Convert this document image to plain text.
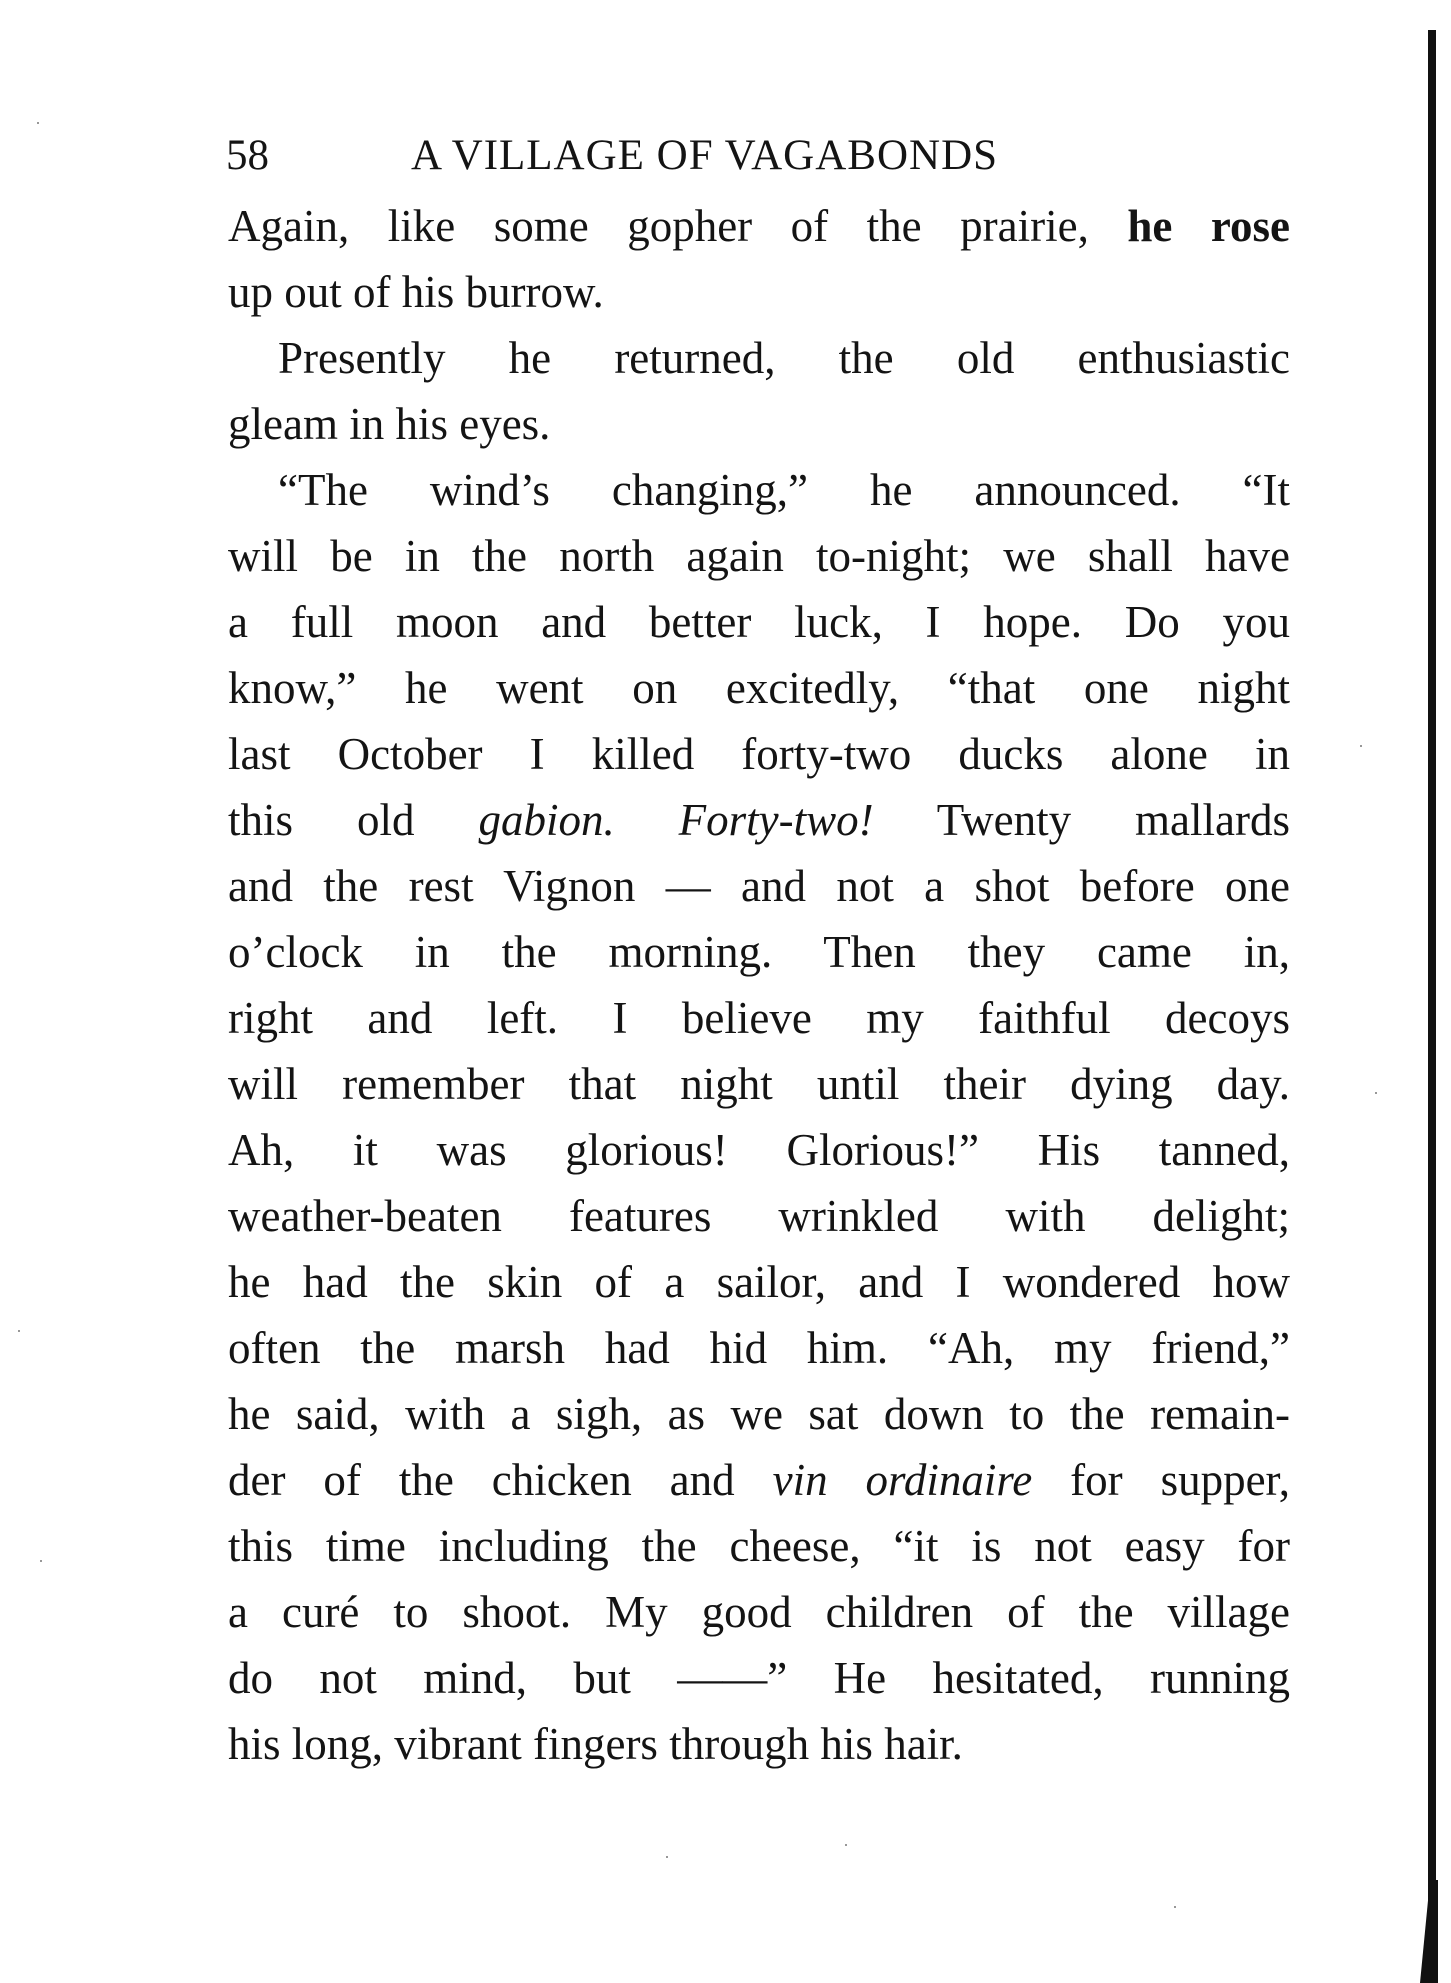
58	A VILLAGE OF VAGABONDS
Again, like some gopher of the prairie, he rose
up out of his burrow.
Presently he returned, the old enthusiastic
gleam in his eyes.
“The wind’s changing,” he announced. “It
will be in the north again to-night; we shall have
a full moon and better luck, I hope. Do you
know,” he went on excitedly, “that one night
last October I killed forty-two ducks alone in
this old gabion. Forty-two! Twenty mallards
and the rest Vignon — and not a shot before one
o’clock in the morning. Then they came in,
right and left. I believe my faithful decoys
will remember that night until their dying day.
Ah, it was glorious! Glorious!” His tanned,
weather-beaten features wrinkled with delight;
he had the skin of a sailor, and I wondered how
often the marsh had hid him. “Ah, my friend,”
he said, with a sigh, as we sat down to the remain-
der of the chicken and vin ordinaire for supper,
this time including the cheese, “it is not easy for
a curé to shoot. My good children of the village
do not mind, but ——” He hesitated, running
his long, vibrant fingers through his hair.
